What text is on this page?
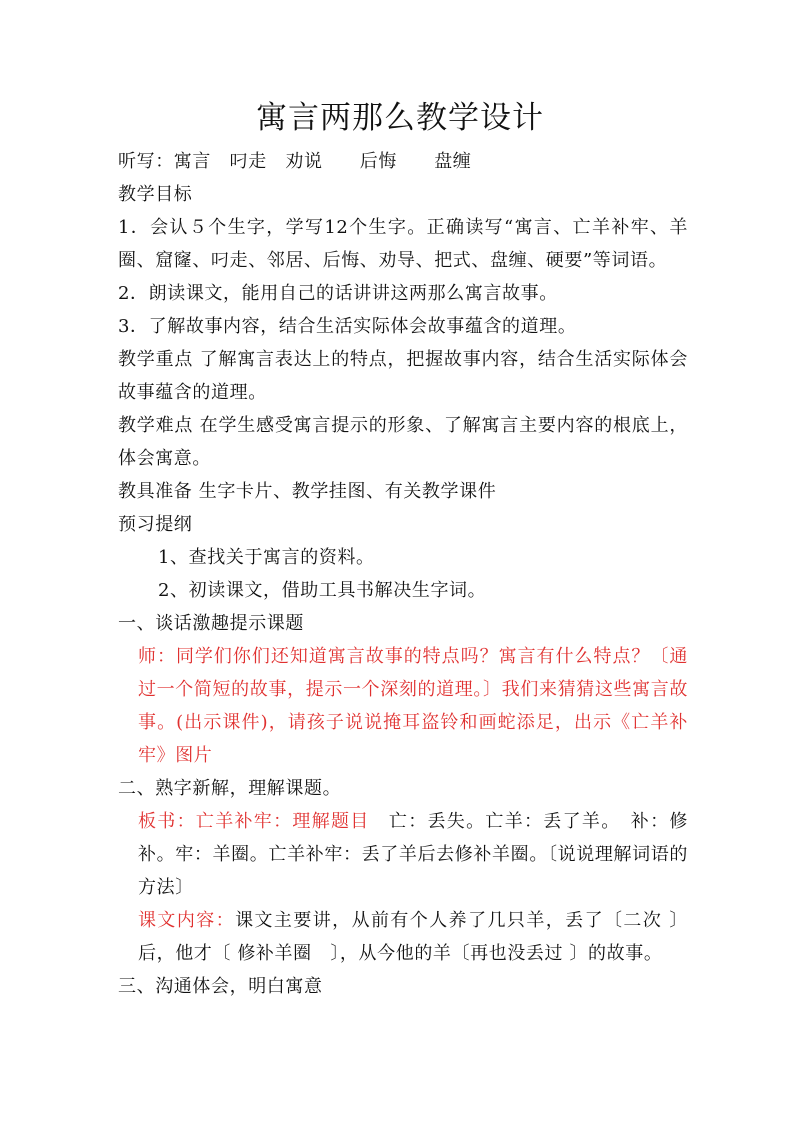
寓言两那么教学设计

听写：寓言　叼走　劝说　　后悔　　盘缠

教学目标

1．会认５个生字，学写12个生字。正确读写“寓言、亡羊补牢、羊圈、窟窿、叼走、邻居、后悔、劝导、把式、盘缠、硬要”等词语。

2．朗读课文，能用自己的话讲讲这两那么寓言故事。

3．了解故事内容，结合生活实际体会故事蕴含的道理。

教学重点 了解寓言表达上的特点，把握故事内容，结合生活实际体会故事蕴含的道理。

教学难点 在学生感受寓言提示的形象、了解寓言主要内容的根底上，体会寓意。

教具准备 生字卡片、教学挂图、有关教学课件

预习提纲

1、查找关于寓言的资料。

2、初读课文，借助工具书解决生字词。

一、谈话激趣提示课题

师：同学们你们还知道寓言故事的特点吗？寓言有什么特点？〔通过一个简短的故事，提示一个深刻的道理。〕我们来猜猜这些寓言故事。(出示课件)，请孩子说说掩耳盗铃和画蛇添足，出示《亡羊补牢》图片

二、熟字新解，理解课题。

板书：亡羊补牢：理解题目　亡：丢失。亡羊：丢了羊。　补：修补。牢：羊圈。亡羊补牢：丢了羊后去修补羊圈。〔说说理解词语的方法〕

课文内容：课文主要讲，从前有个人养了几只羊，丢了〔二次 〕后，他才〔 修补羊圈　〕，从今他的羊〔再也没丢过 〕的故事。

三、沟通体会，明白寓意
